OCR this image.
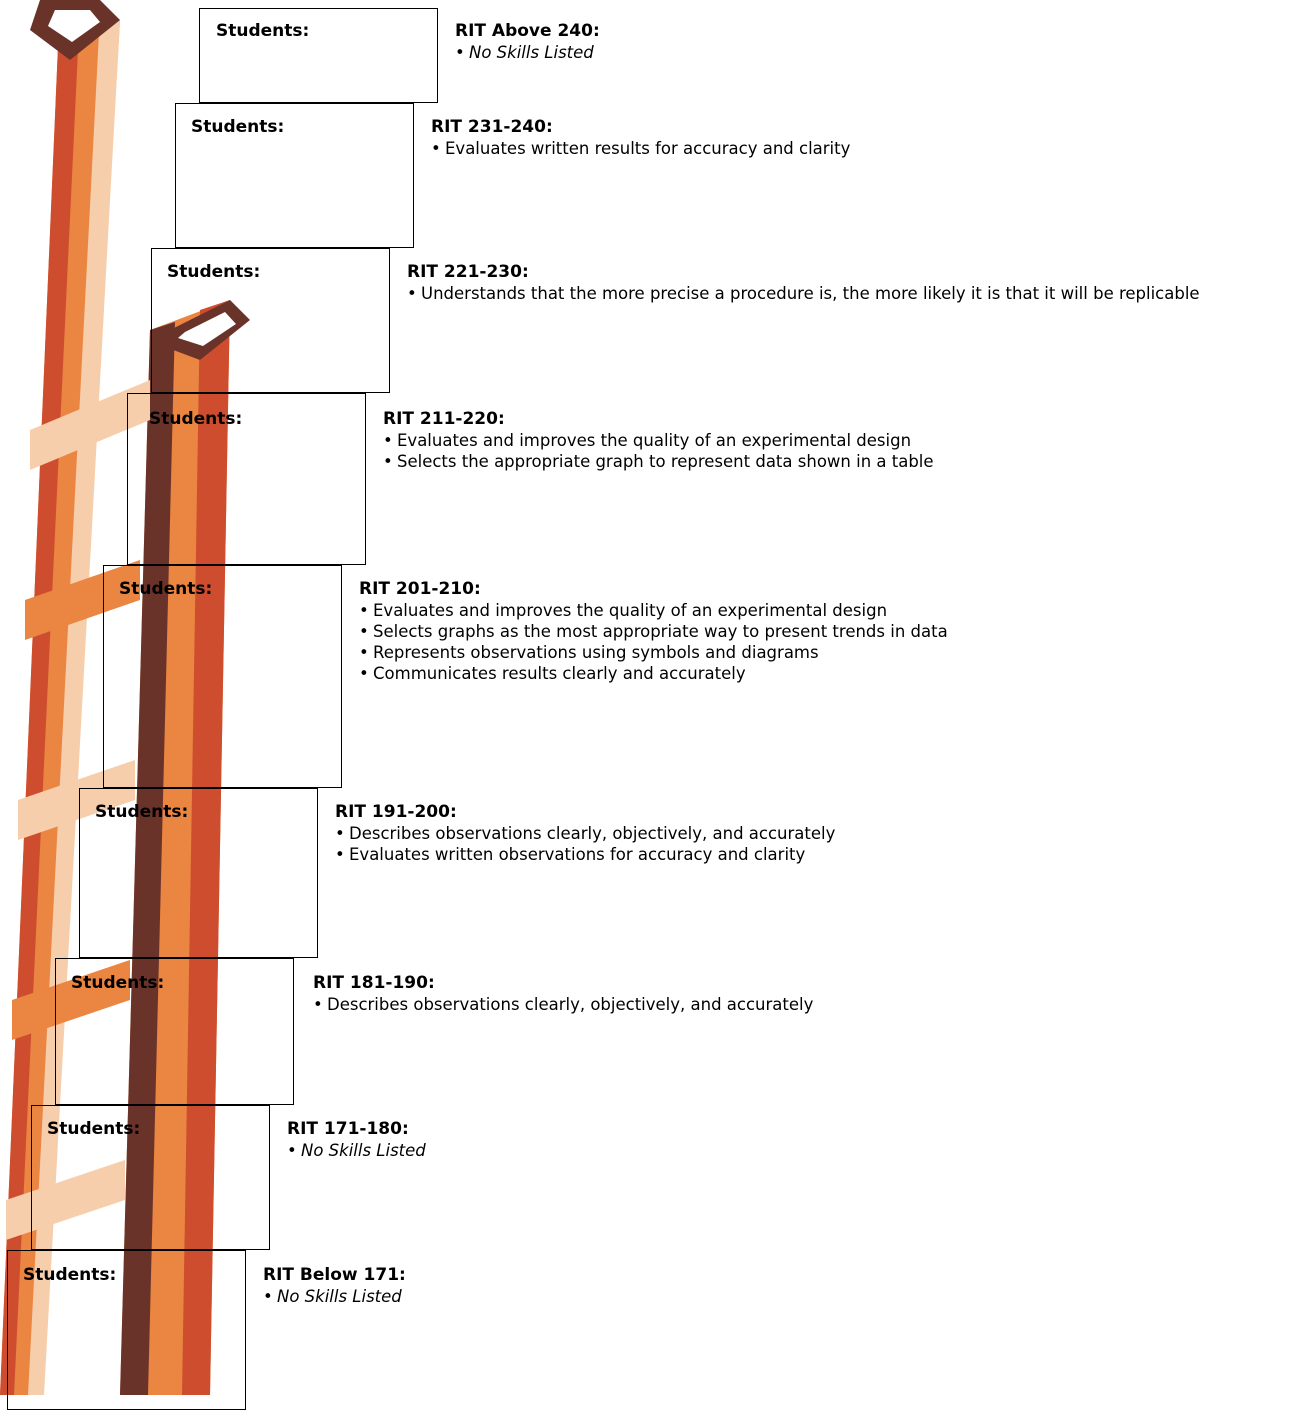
Students:	RIT Above 240:

• No Skills Listed
Students:	RIT 231-240:

• Evaluates written results for accuracy and clarity
Students:	RIT 221-230:

• Understands that the more precise a procedure is, the more likely it is that it will be replicable
Students:	RIT 211-220:

• Evaluates and improves the quality of an experimental design
• Selects the appropriate graph to represent data shown in a table
Students:	RIT 201-210:

• Evaluates and improves the quality of an experimental design
• Selects graphs as the most appropriate way to present trends in data
• Represents observations using symbols and diagrams
• Communicates results clearly and accurately
Students:	RIT 191-200:

• Describes observations clearly, objectively, and accurately
• Evaluates written observations for accuracy and clarity
Students:	RIT 181-190:

• Describes observations clearly, objectively, and accurately
Students:	RIT 171-180:

• No Skills Listed
Students:	RIT Below 171:

• No Skills Listed
